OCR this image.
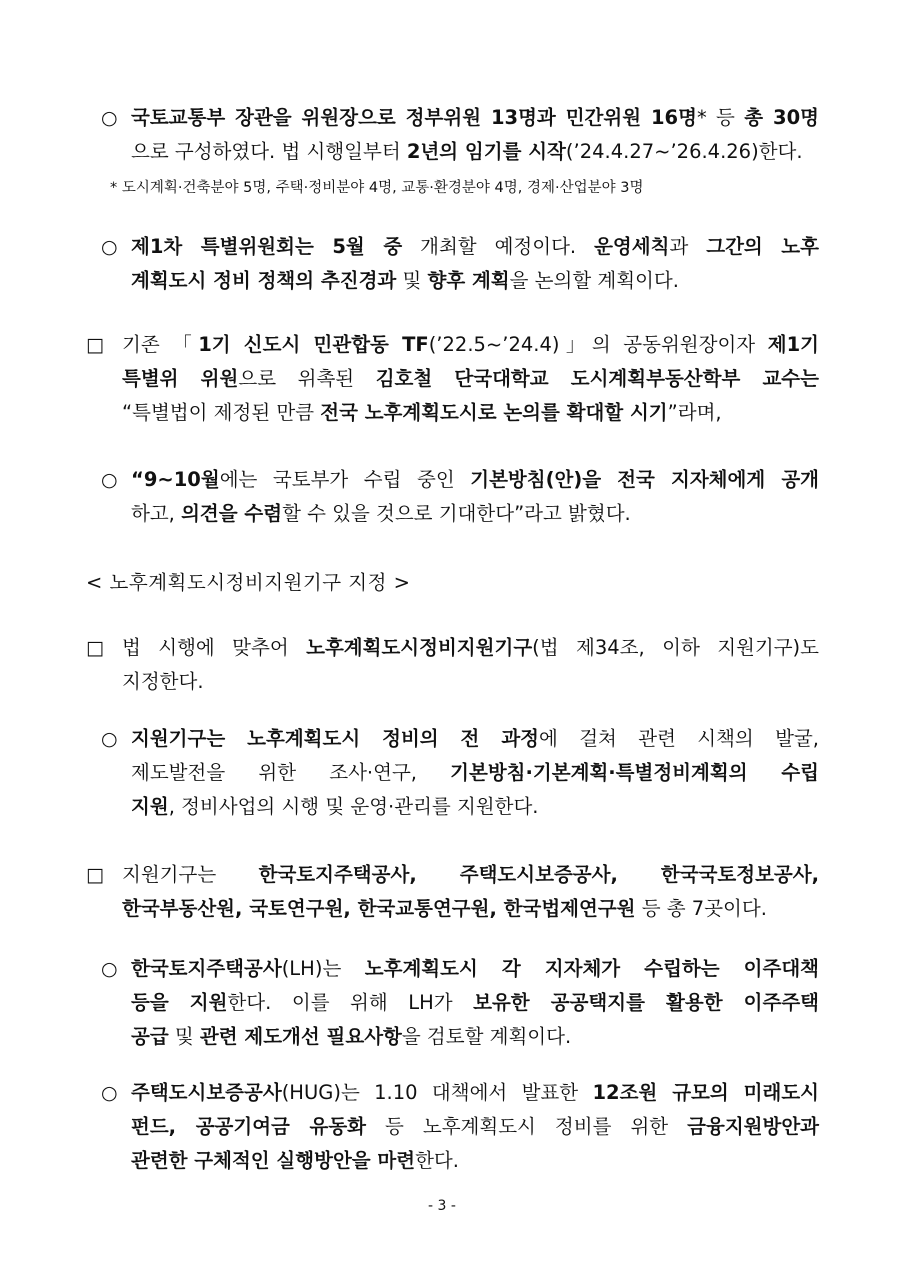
○ 국토교통부 장관을 위원장으로 정부위원 13명과 민간위원 16명* 등 총 30명
으로 구성하였다. 법 시행일부터 2년의 임기를 시작(’24.4.27~’26.4.26)한다.
* 도시계획·건축분야 5명, 주택·정비분야 4명, 교통·환경분야 4명, 경제·산업분야 3명
○ 제1차 특별위원회는 5월 중 개최할 예정이다. 운영세칙과 그간의 노후
계획도시 정비 정책의 추진경과 및 향후 계획을 논의할 계획이다.
□ 기존 「1기 신도시 민관합동 TF(’22.5~’24.4)」의 공동위원장이자 제1기
특별위 위원으로 위촉된 김호철 단국대학교 도시계획부동산학부 교수는
“특별법이 제정된 만큼 전국 노후계획도시로 논의를 확대할 시기”라며,
○ “9~10월에는 국토부가 수립 중인 기본방침(안)을 전국 지자체에게 공개
하고, 의견을 수렴할 수 있을 것으로 기대한다”라고 밝혔다.
< 노후계획도시정비지원기구 지정 >
□ 법 시행에 맞추어 노후계획도시정비지원기구(법 제34조, 이하 지원기구)도
지정한다.
○ 지원기구는 노후계획도시 정비의 전 과정에 걸쳐 관련 시책의 발굴,
제도발전을 위한 조사·연구, 기본방침·기본계획·특별정비계획의 수립
지원, 정비사업의 시행 및 운영·관리를 지원한다.
□ 지원기구는 한국토지주택공사, 주택도시보증공사, 한국국토정보공사,
한국부동산원, 국토연구원, 한국교통연구원, 한국법제연구원 등 총 7곳이다.
○ 한국토지주택공사(LH)는 노후계획도시 각 지자체가 수립하는 이주대책
등을 지원한다. 이를 위해 LH가 보유한 공공택지를 활용한 이주주택
공급 및 관련 제도개선 필요사항을 검토할 계획이다.
○ 주택도시보증공사(HUG)는 1.10 대책에서 발표한 12조원 규모의 미래도시
펀드, 공공기여금 유동화 등 노후계획도시 정비를 위한 금융지원방안과
관련한 구체적인 실행방안을 마련한다.
- 3 -
